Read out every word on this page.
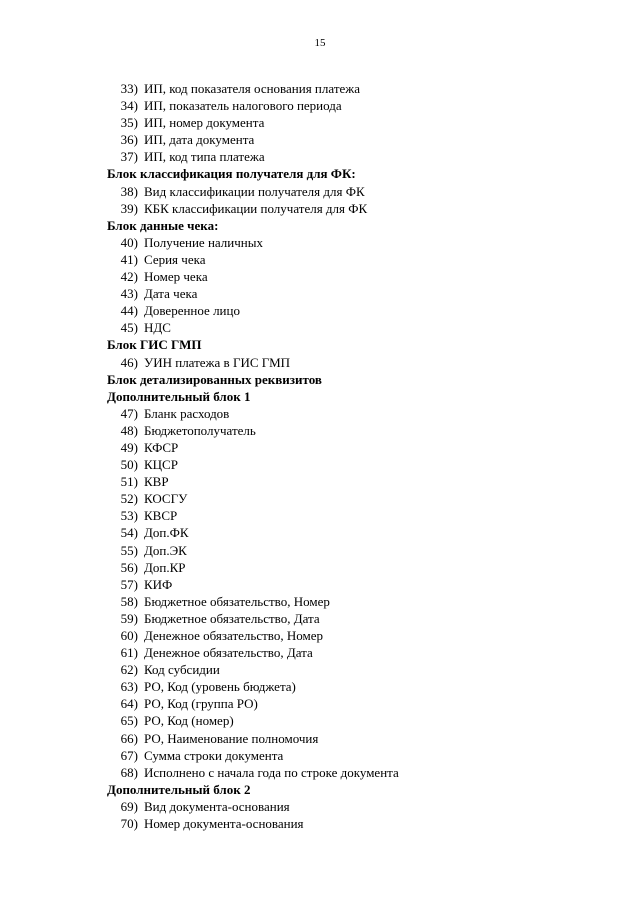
15
33) ИП, код показателя основания платежа
34) ИП, показатель налогового периода
35) ИП, номер документа
36) ИП, дата документа
37) ИП, код типа платежа
Блок классификация получателя для ФК:
38) Вид классификации получателя для ФК
39) КБК классификации получателя для ФК
Блок данные чека:
40) Получение наличных
41) Серия чека
42) Номер чека
43) Дата чека
44) Доверенное лицо
45) НДС
Блок ГИС ГМП
46) УИН платежа в ГИС ГМП
Блок детализированных реквизитов
Дополнительный блок 1
47) Бланк расходов
48) Бюджетополучатель
49) КФСР
50) КЦСР
51) КВР
52) КОСГУ
53) КВСР
54) Доп.ФК
55) Доп.ЭК
56) Доп.КР
57) КИФ
58) Бюджетное обязательство, Номер
59) Бюджетное обязательство, Дата
60) Денежное обязательство, Номер
61) Денежное обязательство, Дата
62) Код субсидии
63) РО, Код (уровень бюджета)
64) РО, Код (группа РО)
65) РО, Код (номер)
66) РО, Наименование полномочия
67) Сумма строки документа
68) Исполнено с начала года по строке документа
Дополнительный блок 2
69) Вид документа-основания
70) Номер документа-основания
